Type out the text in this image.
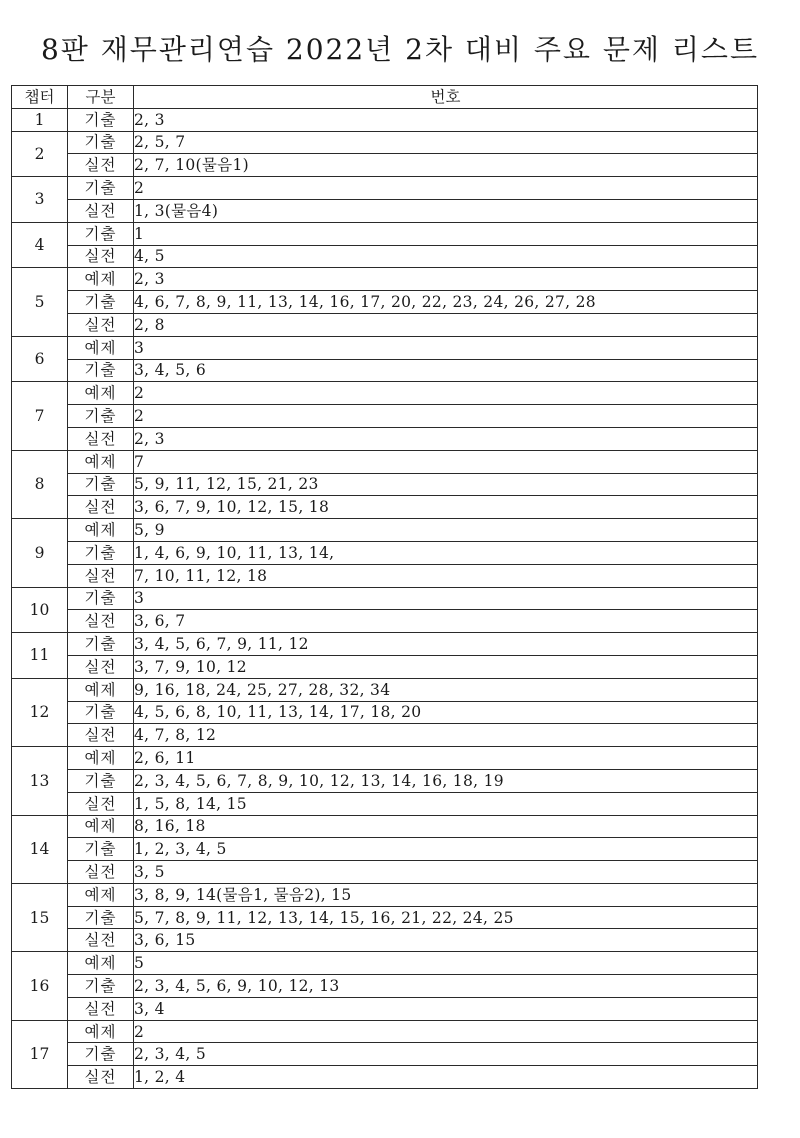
8판 재무관리연습 2022년 2차 대비 주요 문제 리스트
챕터	구분	번호
1	기출	2, 3
2	기출	2, 5, 7
	실전	2, 7, 10(물음1)
3	기출	2
	실전	1, 3(물음4)
4	기출	1
	실전	4, 5
5	예제	2, 3
	기출	4, 6, 7, 8, 9, 11, 13, 14, 16, 17, 20, 22, 23, 24, 26, 27, 28
	실전	2, 8
6	예제	3
	기출	3, 4, 5, 6
7	예제	2
	기출	2
	실전	2, 3
8	예제	7
	기출	5, 9, 11, 12, 15, 21, 23
	실전	3, 6, 7, 9, 10, 12, 15, 18
9	예제	5, 9
	기출	1, 4, 6, 9, 10, 11, 13, 14,
	실전	7, 10, 11, 12, 18
10	기출	3
	실전	3, 6, 7
11	기출	3, 4, 5, 6, 7, 9, 11, 12
	실전	3, 7, 9, 10, 12
12	예제	9, 16, 18, 24, 25, 27, 28, 32, 34
	기출	4, 5, 6, 8, 10, 11, 13, 14, 17, 18, 20
	실전	4, 7, 8, 12
13	예제	2, 6, 11
	기출	2, 3, 4, 5, 6, 7, 8, 9, 10, 12, 13, 14, 16, 18, 19
	실전	1, 5, 8, 14, 15
14	예제	8, 16, 18
	기출	1, 2, 3, 4, 5
	실전	3, 5
15	예제	3, 8, 9, 14(물음1, 물음2), 15
	기출	5, 7, 8, 9, 11, 12, 13, 14, 15, 16, 21, 22, 24, 25
	실전	3, 6, 15
16	예제	5
	기출	2, 3, 4, 5, 6, 9, 10, 12, 13
	실전	3, 4
17	예제	2
	기출	2, 3, 4, 5
	실전	1, 2, 4
